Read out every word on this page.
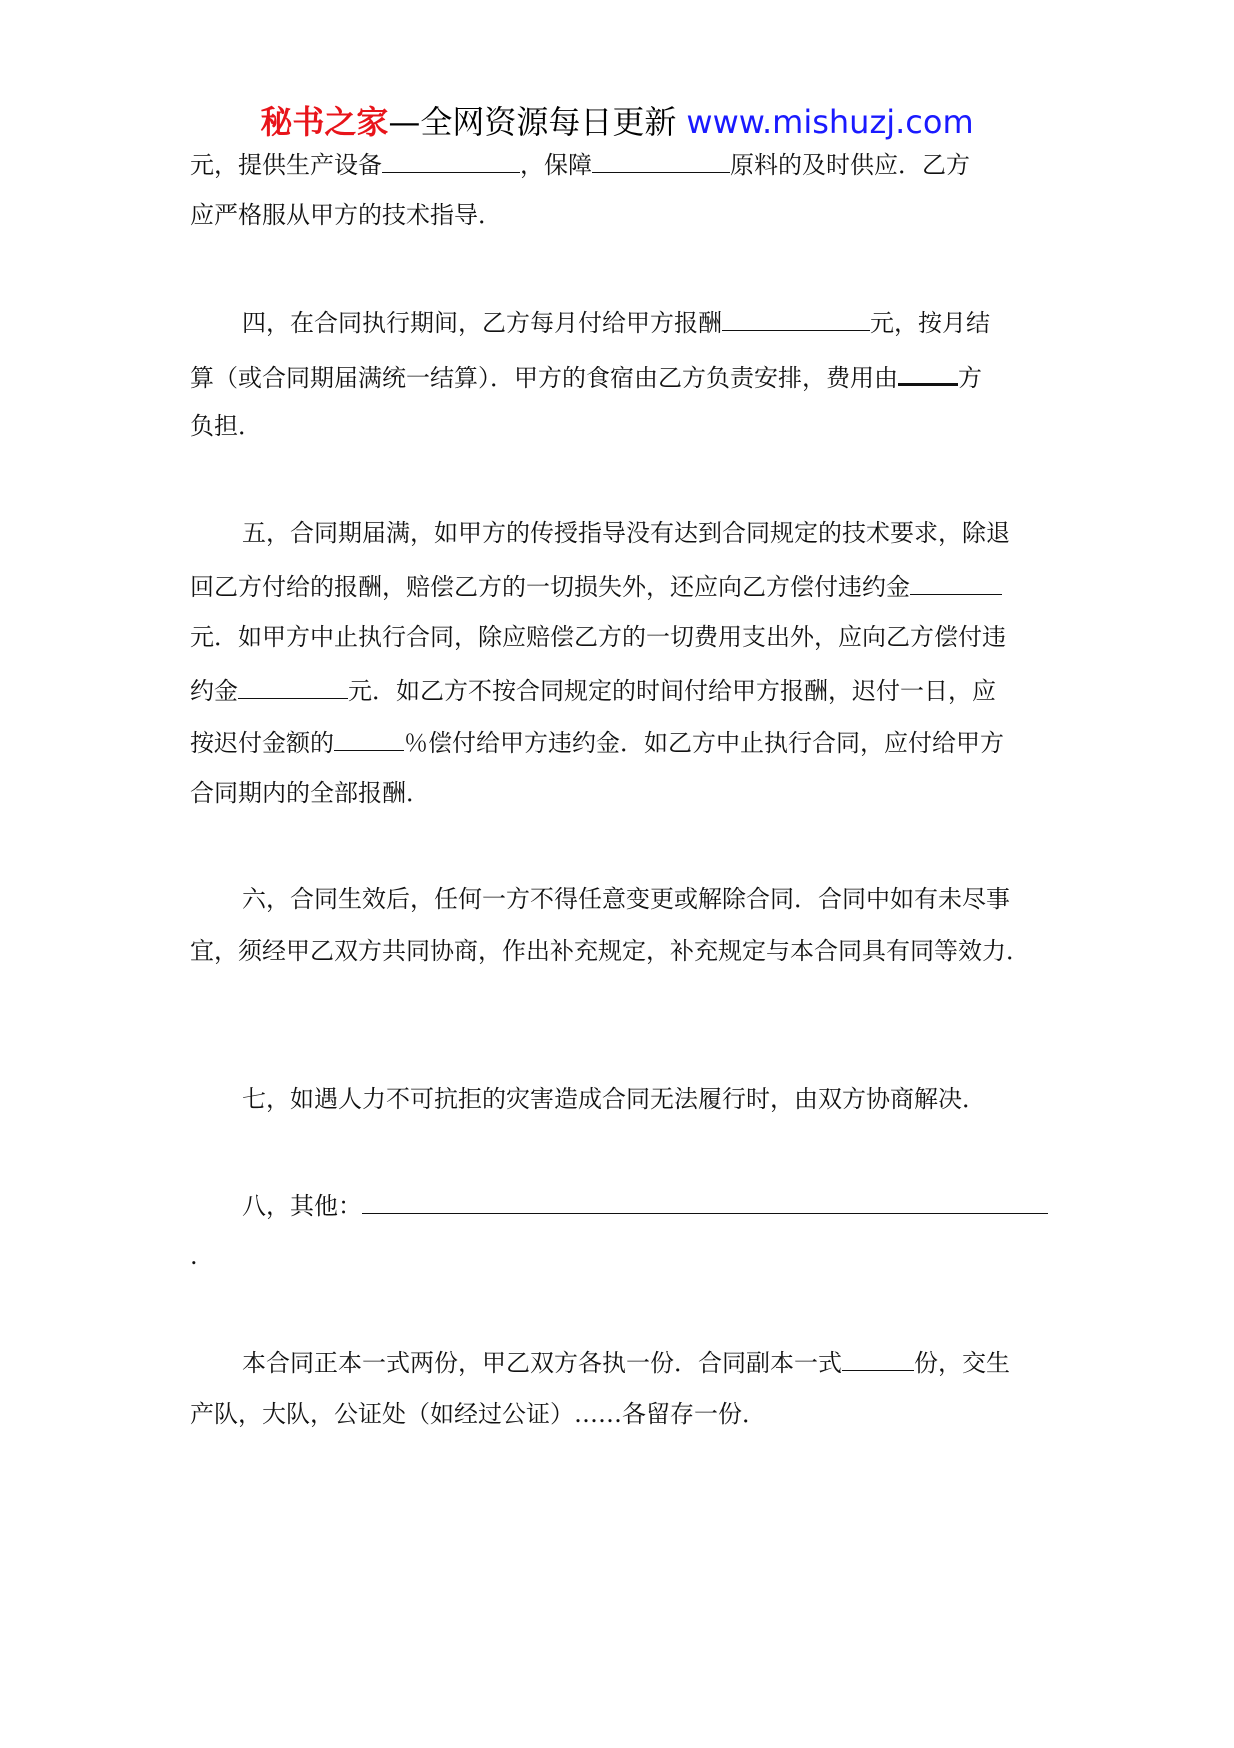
秘书之家—全网资源每日更新 www.mishuzj.com
元，提供生产设备	，保障	原料的及时供应．乙方
应严格服从甲方的技术指导．
四，在合同执行期间，乙方每月付给甲方报酬	元，按月结
算（或合同期届满统一结算）．甲方的食宿由乙方负责安排，费用由	方
负担．
五，合同期届满，如甲方的传授指导没有达到合同规定的技术要求，除退
回乙方付给的报酬，赔偿乙方的一切损失外，还应向乙方偿付违约金
元．如甲方中止执行合同，除应赔偿乙方的一切费用支出外，应向乙方偿付违
约金	元．如乙方不按合同规定的时间付给甲方报酬，迟付一日，应
按迟付金额的	％偿付给甲方违约金．如乙方中止执行合同，应付给甲方
合同期内的全部报酬．
六，合同生效后，任何一方不得任意变更或解除合同．合同中如有未尽事
宜，须经甲乙双方共同协商，作出补充规定，补充规定与本合同具有同等效力．
七，如遇人力不可抗拒的灾害造成合同无法履行时，由双方协商解决．
八，其他：
.
本合同正本一式两份，甲乙双方各执一份．合同副本一式	份，交生
产队，大队，公证处（如经过公证）……各留存一份．
